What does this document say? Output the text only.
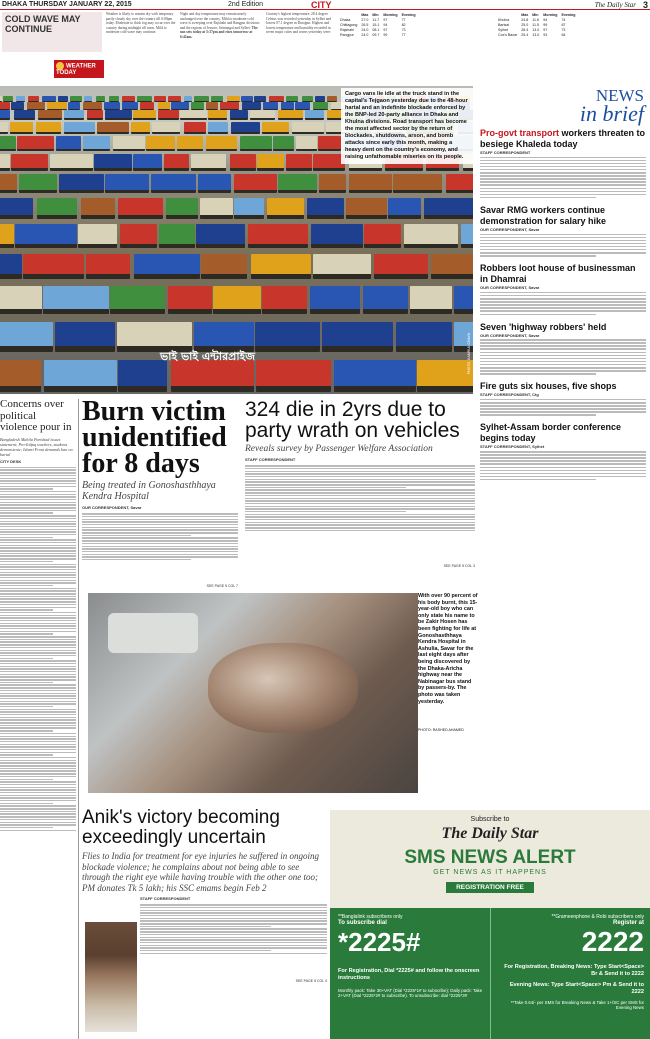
DHAKA THURSDAY JANUARY 22, 2015	2nd Edition	CITY	The Daily Star 3
COLD WAVE MAY CONTINUE
WEATHER TODAY
Weather is likely to remain dry with temporary partly cloudy sky over the country till 6:00pm today. Moderate to thick fog may occur over the country during midnight till noon. Mild to moderate cold wave may continue.
Night and day temperature may remain nearly unchanged over the country. Mild to moderate cold wave is sweeping over Rajshahi and Rangpur divisions and the regions of Jessore, Srimangal and Sylhet. The sun sets today at 5:37pm and rises tomorrow at 6:42am.
Country's highest temperature: 28.4 degree Celsius was recorded yesterday in Sylhet and lowest 07.1 degree in Dinajpur. Highest and lowest temperature and humidity recorded in seven major cities and towns yesterday were:
	Max	Min	Morning	Evening
Dhaka	27.0	11.7	97	77
Chittagong	26.5	15.1	94	82
Rajshahi	24.0	08.1	97	73
Rangpur	24.0	09.7	99	77
	Max	Min	Morning	Evening
Khulna	24.8	11.6	94	74
Barisal	25.0	11.5	99	87
Sylhet	28.4	13.0	97	73
Cox's Bazar	25.4	13.0	93	64
ভাই ভাই এন্টারপ্রাইজ
Cargo vans lie idle at the truck stand in the capital's Tejgaon yesterday due to the 48-hour hartal and an indefinite blockade enforced by the BNP-led 20-party alliance in Dhaka and Khulna divisions. Road transport has become the most affected sector by the return of blockades, shutdowns, arson, and bomb attacks since early this month, making a heavy dent on the country's economy, and raising unfathomable miseries on its people.
PHOTO: KAMRUL CHAYA
NEWS
in brief
Pro-govt transport workers threaten to besiege Khaleda today
STAFF CORRESPONDENT
Savar RMG workers continue demonstration for salary hike
OUR CORRESPONDENT, Savar
Robbers loot house of businessman in Dhamrai
OUR CORRESPONDENT, Savar
Seven 'highway robbers' held
OUR CORRESPONDENT, Savar
Fire guts six houses, five shops
STAFF CORRESPONDENT, Ctg
Sylhet-Assam border conference begins today
STAFF CORRESPONDENT, Sylhet
Concerns over political violence pour in
Bangladesh Mahila Parishad issues statement; Pro-Ittifaq teachers, students demonstrate; Islami Front demands ban on hartal
CITY DESK
Burn victim unidentified for 8 days
Being treated in Gonoshasthhaya Kendra Hospital
OUR CORRESPONDENT, Savar
SEE PAGE 5 COL 7
324 die in 2yrs due to party wrath on vehicles
Reveals survey by Passenger Welfare Association
STAFF CORRESPONDENT
SEE PAGE 5 COL 3
With over 90 percent of his body burnt, this 15-year-old boy who can only state his name to be Zakir Hosen has been fighting for life at Gonoshasthhaya Kendra Hospital in Ashulia, Savar for the last eight days after being discovered by the Dhaka-Aricha highway near the Nabinagar bus stand by passers-by. The photo was taken yesterday.
PHOTO: RASHED AHAMED
Anik's victory becoming exceedingly uncertain
Flies to India for treatment for eye injuries he suffered in ongoing blockade violence; he complains about not being able to see through the right eye while having trouble with the other one too; PM donates Tk 5 lakh; his SSC emams begin Feb 2
STAFF CORRESPONDENT
SEE PAGE 5 COL 4
Subscribe to
The Daily Star
SMS NEWS ALERT
GET NEWS AS IT HAPPENS
REGISTRATION FREE
**Banglalink subscribers only
To subscribe dial
*2225#
For Registration, Dial *2225# and follow the onscreen instructions
Monthly pack: Take 30+VAT (Dial *2225*1# to subscribe); Daily pack: Take 2+VAT (Dial *2225*2# to subscribe). To unsubscribe: dial *2225*3#
**Grameenphone & Robi subscribers only
Register at
2222
For Registration, Breaking News: Type Start<Space> Br & Send it to 2222
Evening News: Type Start<Space> Pm & Send it to 2222
**Take 0.64/- per SMS for Breaking News & Take 1+/SC per SMS for Evening News
